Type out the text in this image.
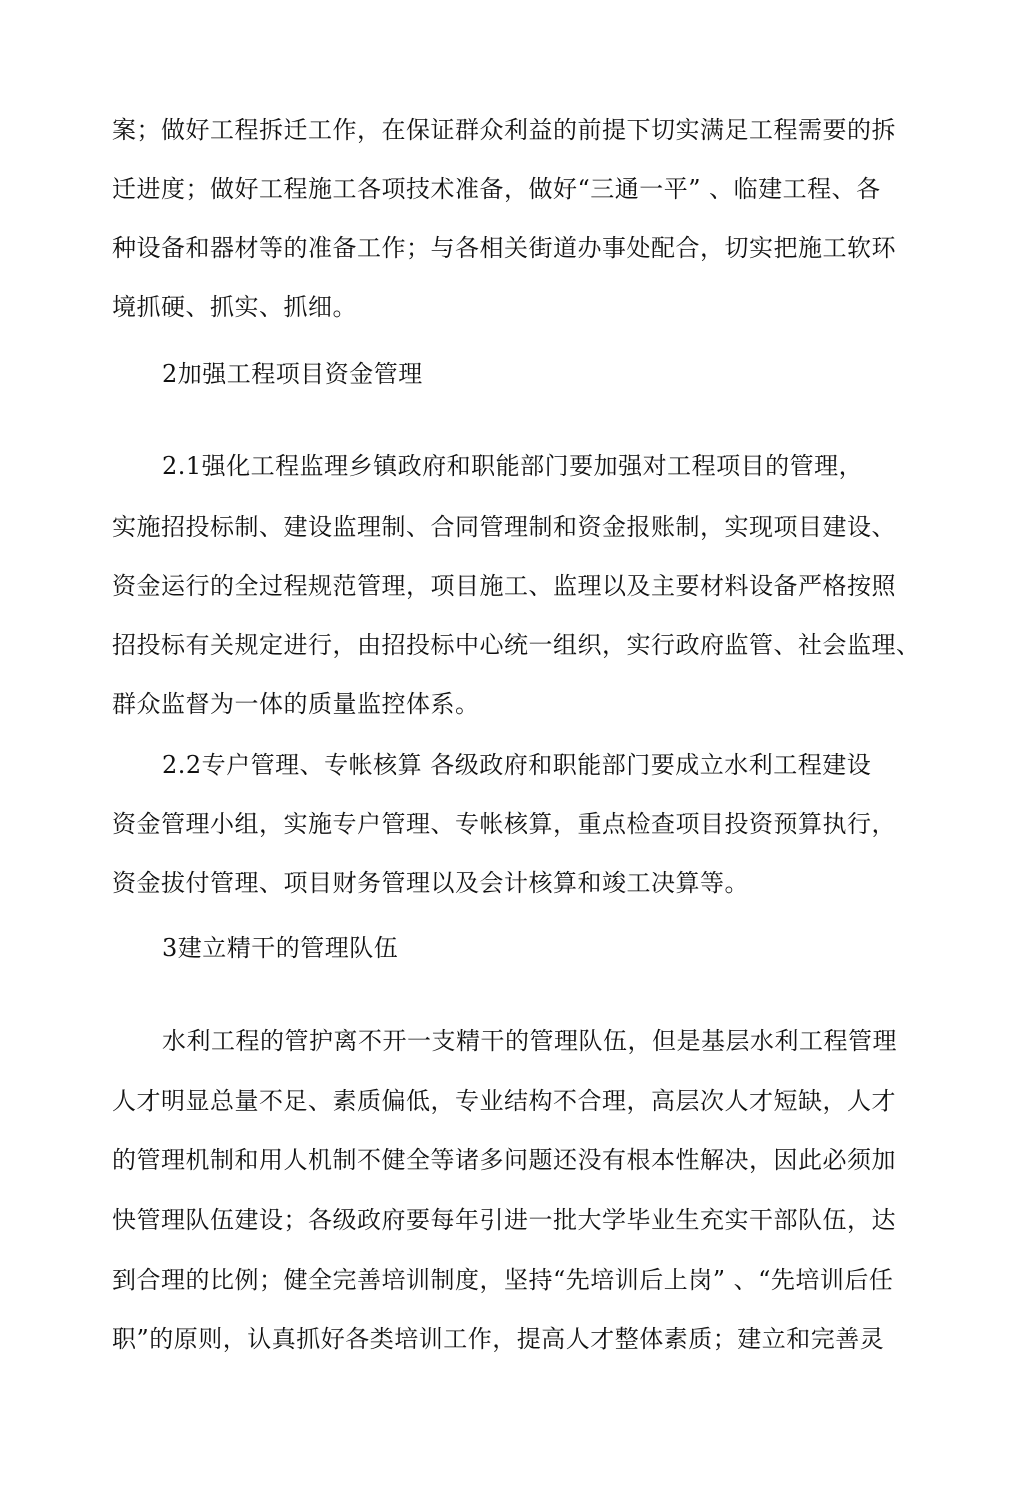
案；做好工程拆迁工作，在保证群众利益的前提下切实满足工程需要的拆
迁进度；做好工程施工各项技术准备，做好“三通一平” 、临建工程、各
种设备和器材等的准备工作；与各相关街道办事处配合，切实把施工软环
境抓硬、抓实、抓细。
2加强工程项目资金管理
2.1强化工程监理乡镇政府和职能部门要加强对工程项目的管理，
实施招投标制、建设监理制、合同管理制和资金报账制，实现项目建设、
资金运行的全过程规范管理，项目施工、监理以及主要材料设备严格按照
招投标有关规定进行，由招投标中心统一组织，实行政府监管、社会监理、
群众监督为一体的质量监控体系。
2.2专户管理、专帐核算 各级政府和职能部门要成立水利工程建设
资金管理小组，实施专户管理、专帐核算，重点检查项目投资预算执行，
资金拔付管理、项目财务管理以及会计核算和竣工决算等。
3建立精干的管理队伍
水利工程的管护离不开一支精干的管理队伍，但是基层水利工程管理
人才明显总量不足、素质偏低，专业结构不合理，高层次人才短缺，人才
的管理机制和用人机制不健全等诸多问题还没有根本性解决，因此必须加
快管理队伍建设；各级政府要每年引进一批大学毕业生充实干部队伍，达
到合理的比例；健全完善培训制度，坚持“先培训后上岗” 、“先培训后任
职”的原则，认真抓好各类培训工作，提高人才整体素质；建立和完善灵
